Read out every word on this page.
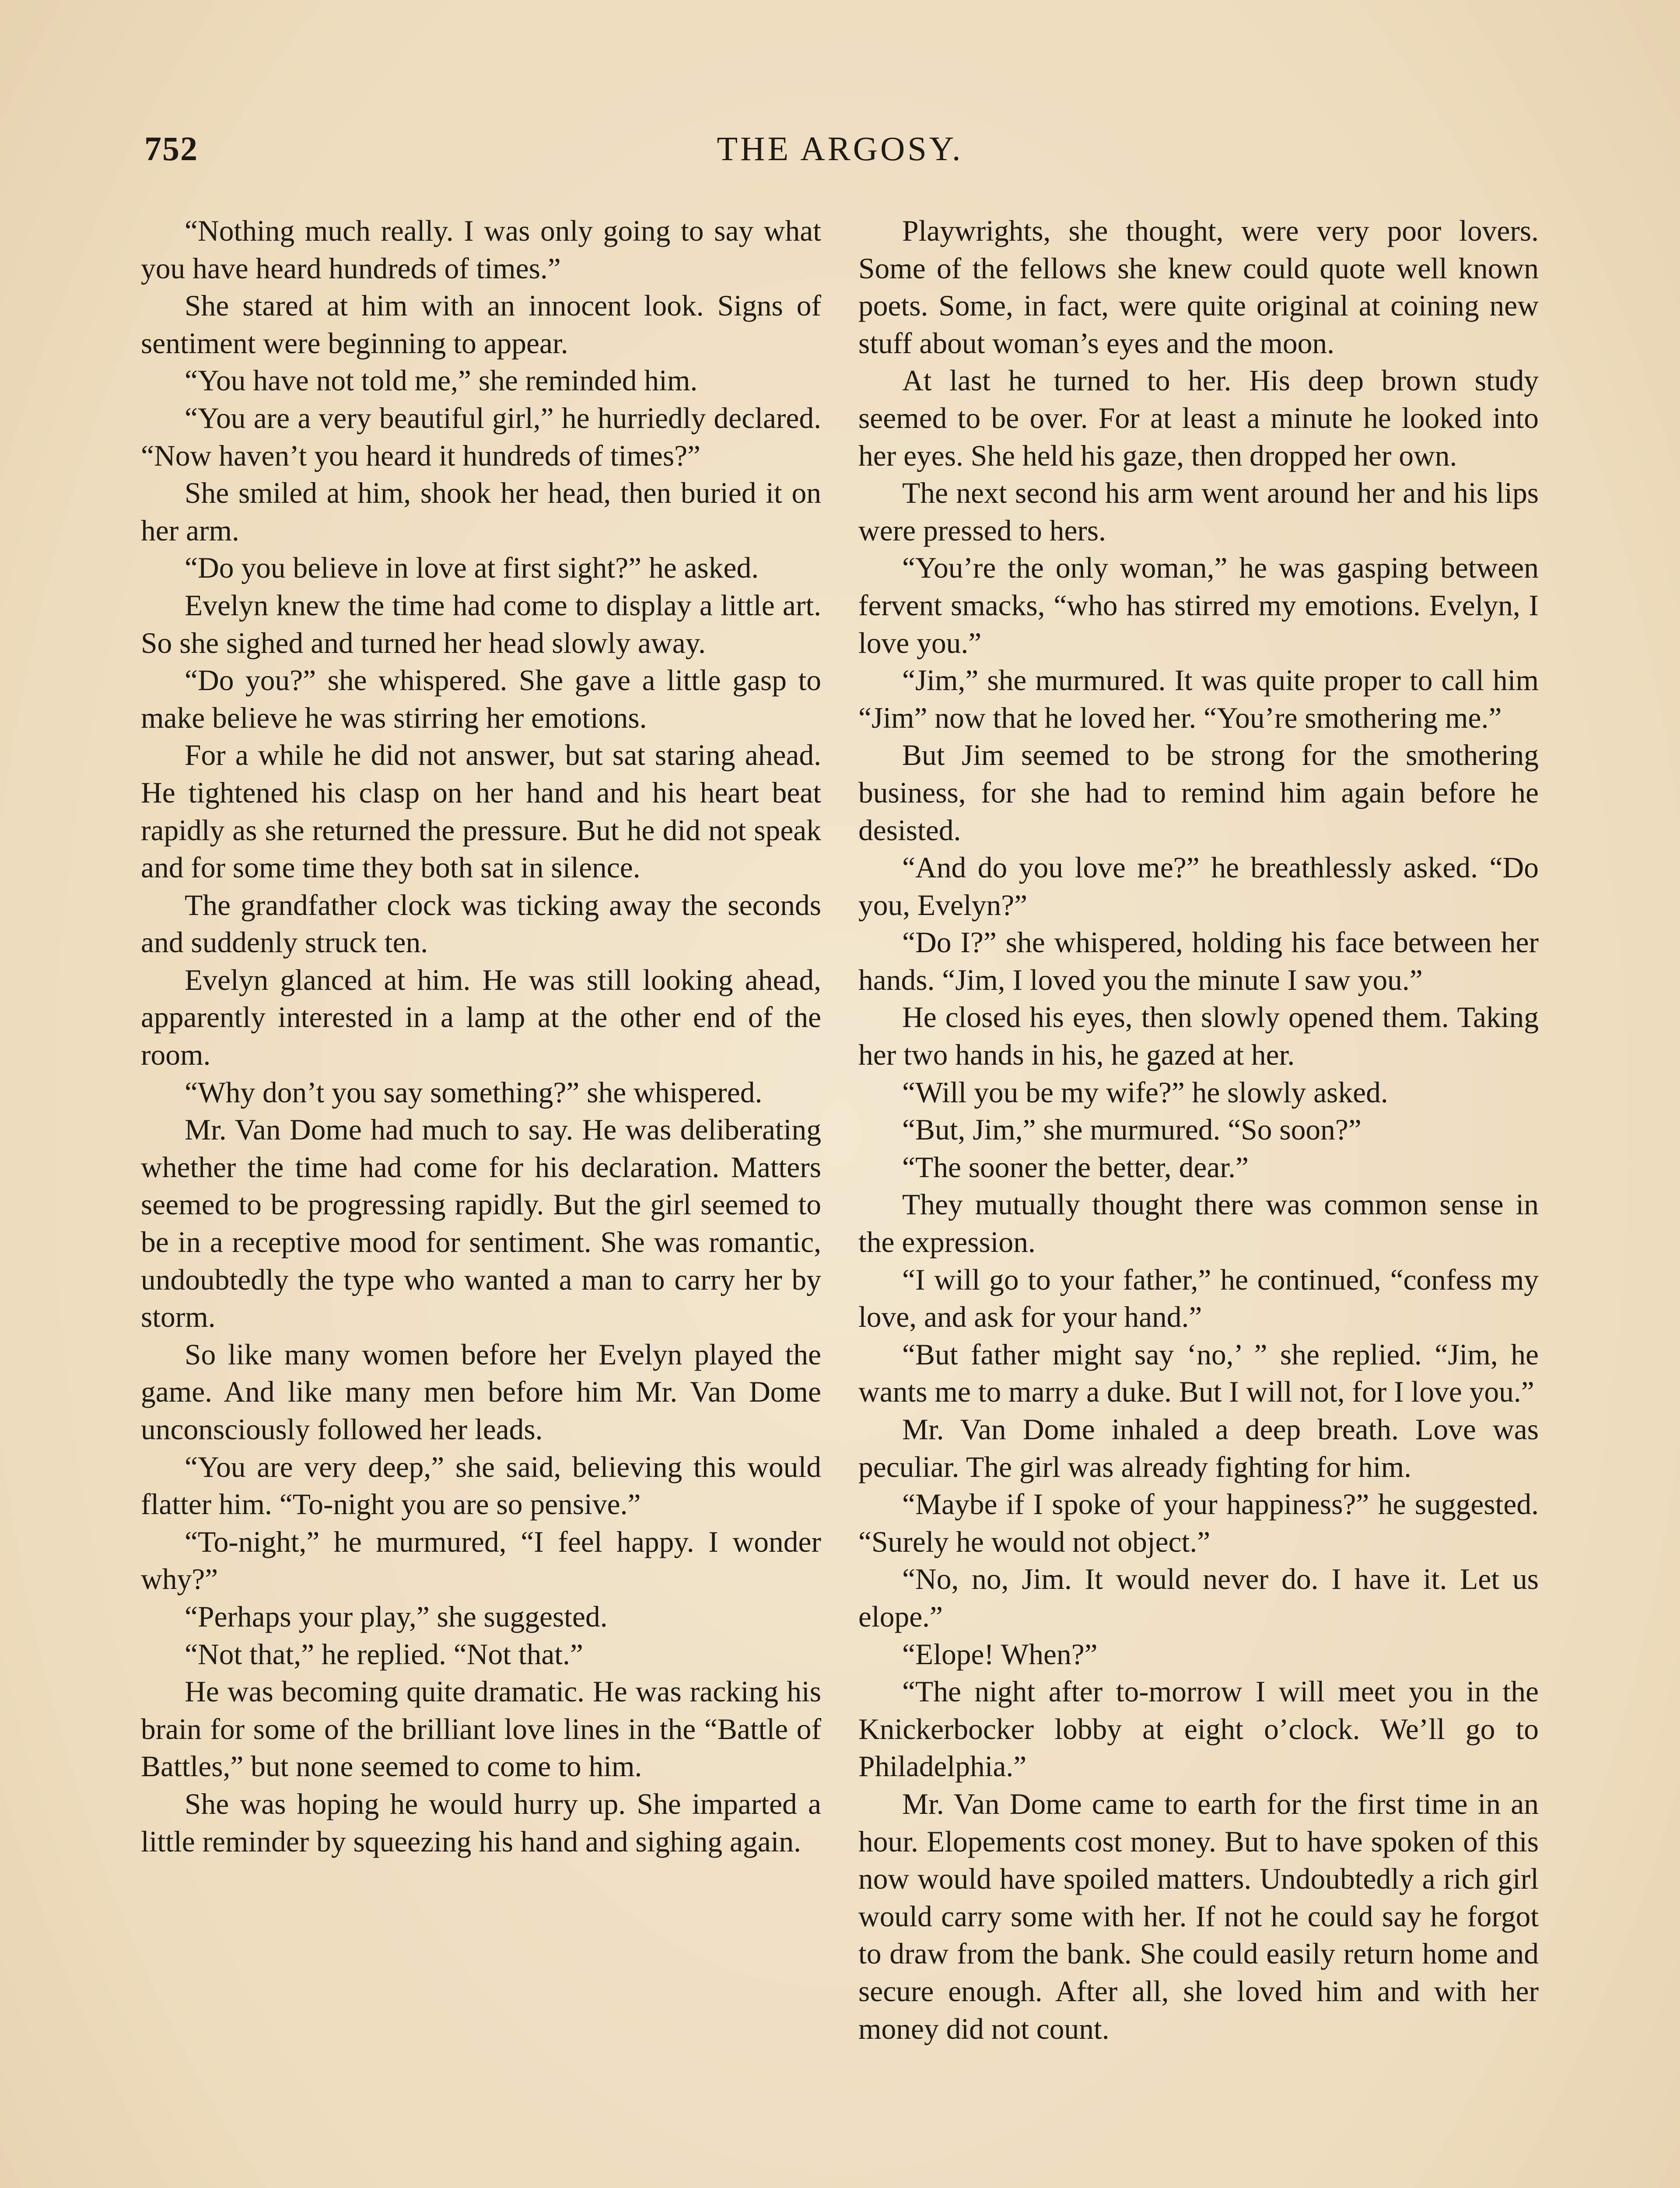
752	THE ARGOSY.

“Nothing much really. I was only going to say what you have heard hundreds of times.”

She stared at him with an innocent look. Signs of sentiment were beginning to appear.

“You have not told me,” she reminded him.

“You are a very beautiful girl,” he hurriedly declared. “Now haven’t you heard it hundreds of times?”

She smiled at him, shook her head, then buried it on her arm.

“Do you believe in love at first sight?” he asked.

Evelyn knew the time had come to display a little art. So she sighed and turned her head slowly away.

“Do you?” she whispered. She gave a little gasp to make believe he was stirring her emotions.

For a while he did not answer, but sat staring ahead. He tightened his clasp on her hand and his heart beat rapidly as she returned the pressure. But he did not speak and for some time they both sat in silence.

The grandfather clock was ticking away the seconds and suddenly struck ten.

Evelyn glanced at him. He was still looking ahead, apparently interested in a lamp at the other end of the room.

“Why don’t you say something?” she whispered.

Mr. Van Dome had much to say. He was deliberating whether the time had come for his declaration. Matters seemed to be progressing rapidly. But the girl seemed to be in a receptive mood for sentiment. She was romantic, undoubtedly the type who wanted a man to carry her by storm.

So like many women before her Evelyn played the game. And like many men before him Mr. Van Dome unconsciously followed her leads.

“You are very deep,” she said, believing this would flatter him. “To-night you are so pensive.”

“To-night,” he murmured, “I feel happy. I wonder why?”

“Perhaps your play,” she suggested.

“Not that,” he replied. “Not that.”

He was becoming quite dramatic. He was racking his brain for some of the brilliant love lines in the “Battle of Battles,” but none seemed to come to him.

She was hoping he would hurry up. She imparted a little reminder by squeezing his hand and sighing again.

Playwrights, she thought, were very poor lovers. Some of the fellows she knew could quote well known poets. Some, in fact, were quite original at coining new stuff about woman’s eyes and the moon.

At last he turned to her. His deep brown study seemed to be over. For at least a minute he looked into her eyes. She held his gaze, then dropped her own.

The next second his arm went around her and his lips were pressed to hers.

“You’re the only woman,” he was gasping between fervent smacks, “who has stirred my emotions. Evelyn, I love you.”

“Jim,” she murmured. It was quite proper to call him “Jim” now that he loved her. “You’re smothering me.”

But Jim seemed to be strong for the smothering business, for she had to remind him again before he desisted.

“And do you love me?” he breathlessly asked. “Do you, Evelyn?”

“Do I?” she whispered, holding his face between her hands. “Jim, I loved you the minute I saw you.”

He closed his eyes, then slowly opened them. Taking her two hands in his, he gazed at her.

“Will you be my wife?” he slowly asked.

“But, Jim,” she murmured. “So soon?”

“The sooner the better, dear.”

They mutually thought there was common sense in the expression.

“I will go to your father,” he continued, “confess my love, and ask for your hand.”

“But father might say ‘no,’ ” she replied. “Jim, he wants me to marry a duke. But I will not, for I love you.”

Mr. Van Dome inhaled a deep breath. Love was peculiar. The girl was already fighting for him.

“Maybe if I spoke of your happiness?” he suggested. “Surely he would not object.”

“No, no, Jim. It would never do. I have it. Let us elope.”

“Elope! When?”

“The night after to-morrow I will meet you in the Knickerbocker lobby at eight o’clock. We’ll go to Philadelphia.”

Mr. Van Dome came to earth for the first time in an hour. Elopements cost money. But to have spoken of this now would have spoiled matters. Undoubtedly a rich girl would carry some with her. If not he could say he forgot to draw from the bank. She could easily return home and secure enough. After all, she loved him and with her money did not count.
